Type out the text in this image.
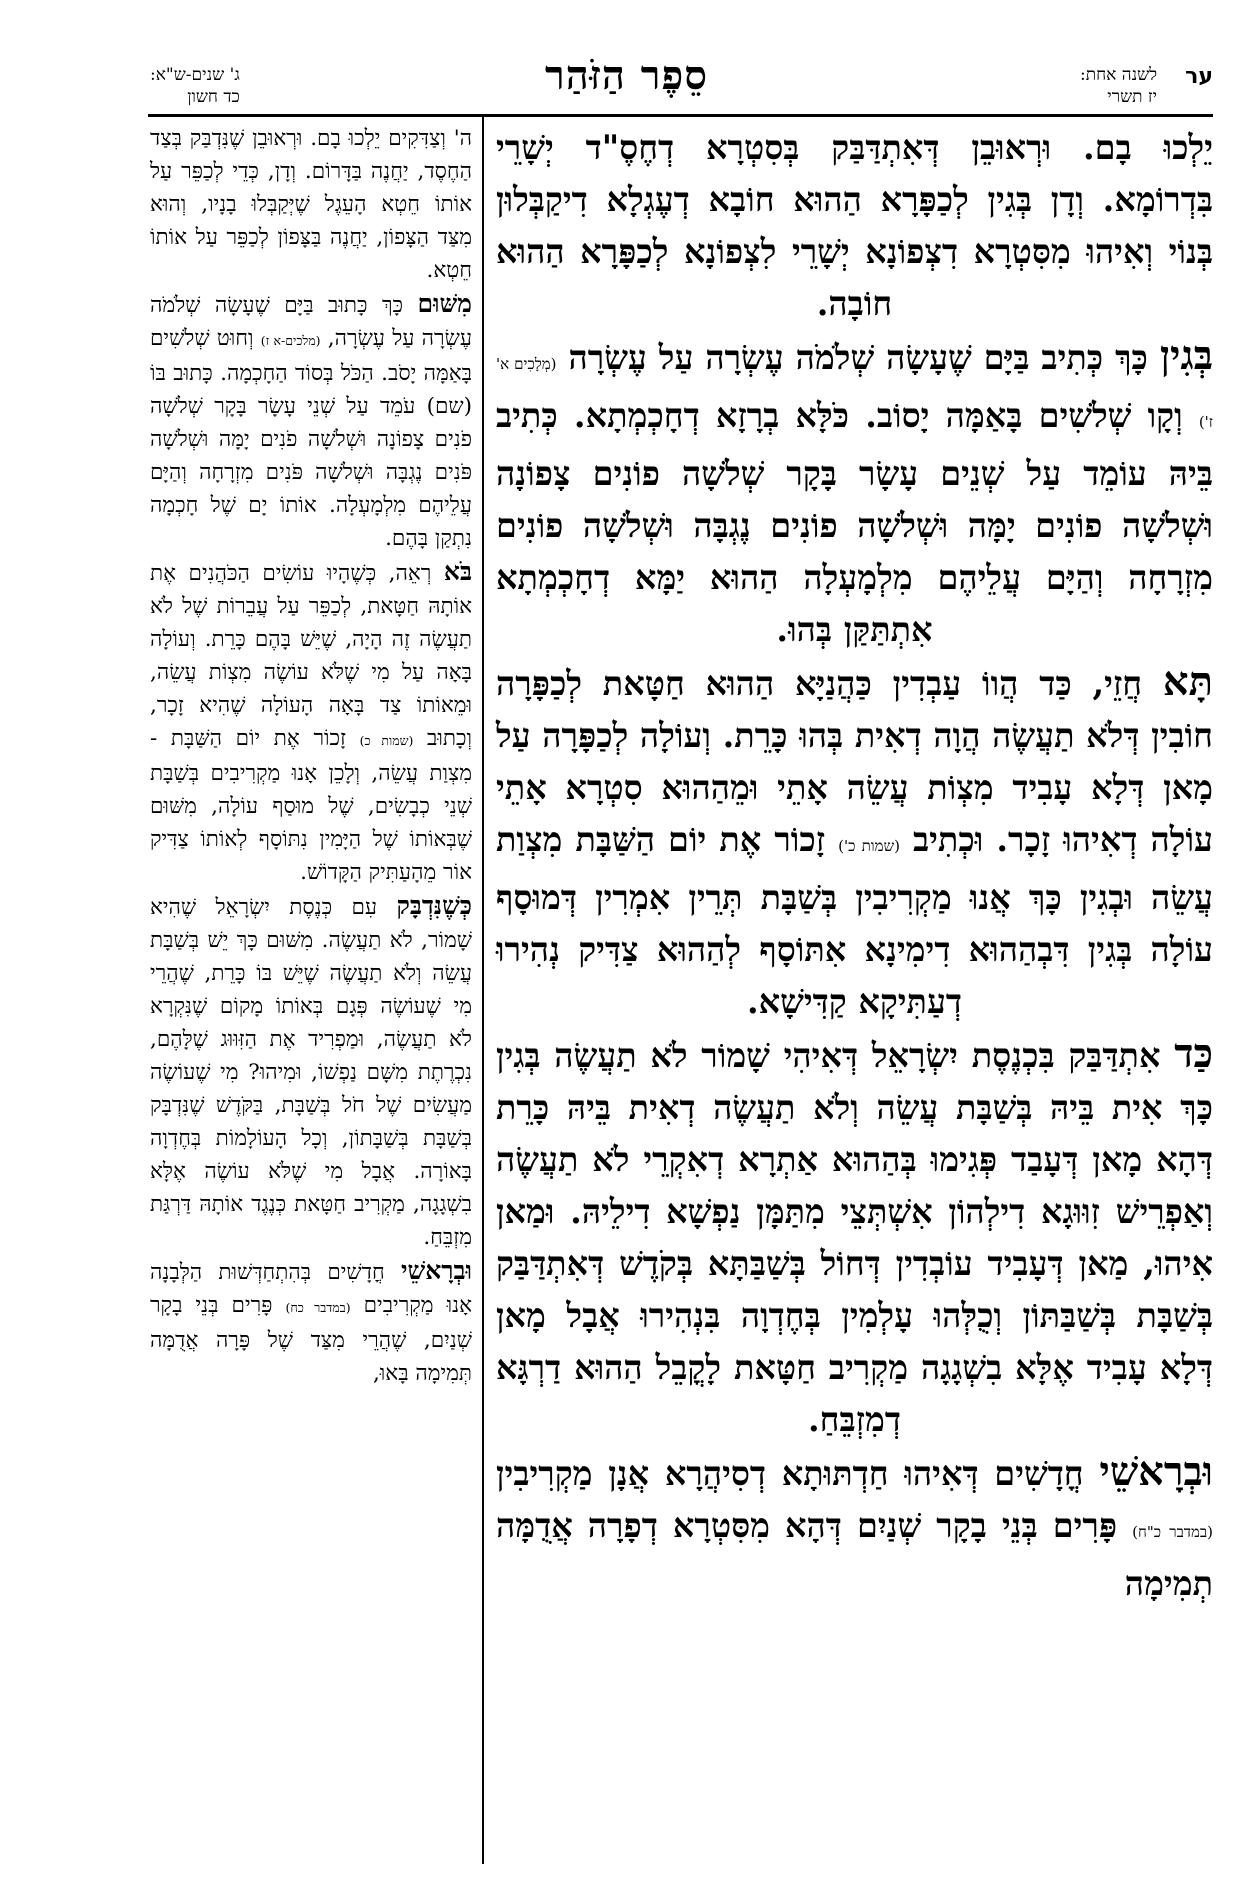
ער
לשנה אחת:
יז תשרי
סֵפֶר הַזֹּהַר
ג' שנים-ש"א:
כד חשון

יֵלְכוּ בָם. וּרְאוּבֵן דְּאִתְדַּבַּק בְּסִטְרָא דְחֶסֶ"ד יְשָׁרֵי בִּדְרוֹמָא. וְדָן בְּגִין לְכַפָּרָא הַהוּא חוֹבָא דְעֶגְלָא דִיקַבְּלוּן בְּנוֹי וְאִיהוּ מִסִּטְרָא דִצְפוֹנָא יְשָׁרֵי לִצְפוֹנָא לְכַפָּרָא הַהוּא חוֹבָה.

בְּגִין כָּךְ כְּתִיב בַּיָּם שֶׁעָשָׂה שְׁלֹמֹה עֶשְׂרָה עַל עֶשְׂרָה (מְלָכִים א' ז') וְקָו שְׁלֹשִׁים בָּאַמָּה יָסוֹב. כֹּלָּא בְרָזָא דְחָכְמְתָא. כְּתִיב בֵּיהּ עוֹמֵד עַל שְׁנֵים עָשָׂר בָּקָר שְׁלֹשָׁה פוֹנִים צָפוֹנָה וּשְׁלֹשָׁה פוֹנִים יָמָּה וּשְׁלֹשָׁה פוֹנִים נֶגְבָּה וּשְׁלֹשָׁה פוֹנִים מִזְרָחָה וְהַיָּם עֲלֵיהֶם מִלְמָעְלָה הַהוּא יַמָּא דְחָכְמְתָא אִתְתַּקַּן בְּהוּ.

תָּא חֲזֵי, כַּד הֲווֹ עַבְדִין כַּהֲנַיָּא הַהוּא חַטָּאת לְכַפָּרָה חוֹבִין דְּלֹא תַעֲשֶׂה הֲוָה דְאִית בְּהוּ כָּרֵת. וְעוֹלָה לְכַפָּרָה עַל מָאן דְּלָא עָבִיד מִצְוֹת עֲשֵׂה אָתֵי וּמֵהַהוּא סִטְרָא אָתֵי עוֹלָה דְאִיהוּ זָכָר. וּכְתִיב (שמות כ') זָכוֹר אֶת יוֹם הַשַּׁבָּת מִצְוַת עֲשֵׂה וּבְגִין כָּךְ אֲנוּ מַקְרִיבִין בְּשַׁבָּת תְּרֵין אִמְרִין דְּמוּסָף עוֹלָה בְּגִין דִּבְהַהוּא דִימִינָא אִתּוֹסָף לְהַהוּא צַדִּיק נְהִירוּ דְעַתִּיקָא קַדִּישָׁא.

כַּד אִתְדַּבַּק בִּכְנֶסֶת יִשְׂרָאֵל דְּאִיהִי שָׁמוֹר לֹא תַעֲשֶׂה בְּגִין כָּךְ אִית בֵּיהּ בְּשַׁבָּת עֲשֵׂה וְלֹא תַעֲשֶׂה דְאִית בֵּיהּ כָּרֵת דְּהָא מָאן דְּעָבַד פְּגִימוּ בְּהַהוּא אַתְרָא דְאִקְרֵי לֹא תַעֲשֶׂה וְאַפְרֵישׁ זִוּוּגָא דִילְהוֹן אִשְׁתְּצֵי מִתַּמָּן נַפְשָׁא דִילֵיהּ. וּמַאן אִיהוּ, מַאן דְּעָבִיד עוֹבְדִין דְּחוֹל בְּשַׁבַּתָּא בְּקֹדֶשׁ דְּאִתְדַּבַּק בְּשַׁבָּת בְּשַׁבַּתּוֹן וְכֻלְּהוּ עָלְמִין בְּחֶדְוָה בִּנְהִירוּ אֲבָל מָאן דְּלָא עָבִיד אֶלָּא בִשְׁגָגָה מַקְרִיב חַטָּאת לָקֳבֵל הַהוּא דַרְגָּא דְמִזְבֵּחַ.

וּבְרָאשֵׁי חֳדָשִׁים דְּאִיהוּ חַדְתּוּתָא דְסִיהֲרָא אֲנָן מַקְרִיבִין (במדבר כ"ח) פָּרִים בְּנֵי בָקָר שְׁנַיִם דְּהָא מִסִּטְרָא דְפָרָה אֲדֻמָּה תְמִימָה

ה' וְצַדִּקִים יֵלְכוּ בָם. וּרְאוּבֵן שֶׁנִּדְבַּק בְּצַד הַחֶסֶד, יַחֲנֶה בַּדָּרוֹם. וְדָן, כְּדֵי לְכַפֵּר עַל אוֹתוֹ חֵטְא הָעֵגֶל שֶׁיְּקַבְּלוּ בָנָיו, וְהוּא מִצַּד הַצָּפוֹן, יַחֲנֶה בַּצָּפוֹן לְכַפֵּר עַל אוֹתוֹ חֵטְא.

מִשּׁוּם כָּךְ כָּתוּב בַּיָּם שֶׁעָשָׂה שְׁלֹמֹה עֶשְׂרָה עַל עֶשְׂרָה, (מלכים-א ז) וְחוּט שְׁלֹשִׁים בָּאַמָּה יָסֹב. הַכֹּל בְּסוֹד הַחָכְמָה. כָּתוּב בּוֹ (שם) עֹמֵד עַל שְׁנֵי עָשָׂר בָּקָר שְׁלֹשָׁה פֹנִים צָפוֹנָה וּשְׁלֹשָׁה פֹנִים יָמָּה וּשְׁלֹשָׁה פֹּנִים נֶגְבָּה וּשְׁלֹשָׁה פֹּנִים מִזְרָחָה וְהַיָּם עֲלֵיהֶם מִלְמָעְלָה. אוֹתוֹ יָם שֶׁל חָכְמָה נִתְקַן בָּהֶם.

בֹּא רְאֵה, כְּשֶׁהָיוּ עוֹשִׂים הַכֹּהֲנִים אֶת אוֹתָהּ חַטָּאת, לְכַפֵּר עַל עֲבֵרוֹת שֶׁל לֹא תַעֲשֶׂה זֶה הָיָה, שֶׁיֵּשׁ בָּהֶם כָּרֵת. וְעוֹלָה בָּאָה עַל מִי שֶׁלֹּא עוֹשֶׂה מִצְוֹת עֲשֵׂה, וּמֵאוֹתוֹ צַד בָּאָה הָעוֹלָה שֶׁהִיא זָכָר, וְכָתוּב (שמות כ) זָכוֹר אֶת יוֹם הַשַּׁבָּת - מִצְוַת עֲשֵׂה, וְלָכֵן אָנוּ מַקְרִיבִים בְּשַׁבָּת שְׁנֵי כְבָשִׂים, שֶׁל מוּסַף עוֹלָה, מִשּׁוּם שֶׁבְּאוֹתוֹ שֶׁל הַיָּמִין נִתּוֹסָף לְאוֹתוֹ צַדִּיק אוֹר מֵהָעַתִּיק הַקָּדוֹשׁ.

כְּשֶׁנִּדְבָּק עִם כְּנֶסֶת יִשְׂרָאֵל שֶׁהִיא שָׁמוֹר, לֹא תַעֲשֶׂה. מִשּׁוּם כָּךְ יֵשׁ בְּשַׁבָּת עֲשֵׂה וְלֹא תַעֲשֶׂה שֶׁיֵּשׁ בּוֹ כָּרֵת, שֶׁהֲרֵי מִי שֶׁעוֹשֶׂה פְּגָם בְּאוֹתוֹ מָקוֹם שֶׁנִּקְרָא לֹא תַעֲשֶׂה, וּמַפְרִיד אֶת הַזִּוּוּג שֶׁלָּהֶם, נִכְרֶתֶת מִשָּׁם נַפְשׁוֹ, וּמִיהוּ? מִי שֶׁעוֹשֶׂה מַעֲשִׂים שֶׁל חֹל בְּשַׁבָּת, בַּקֹּדֶשׁ שֶׁנִּדְבָּק בְּשַׁבָּת בְּשַׁבָּתוֹן, וְכָל הָעוֹלָמוֹת בְּחֶדְוָה בָּאוֹרָה. אֲבָל מִי שֶׁלֹּא עוֹשֶׂה אֶלָּא בִשְׁגָגָה, מַקְרִיב חַטָּאת כְּנֶגֶד אוֹתָהּ דַּרְגַּת מִזְבֵּחַ.

וּבְרָאשֵׁי חֳדָשִׁים בְּהִתְחַדְּשׁוּת הַלְּבָנָה אָנוּ מַקְרִיבִים (במדבר כח) פָּרִים בְּנֵי בָקָר שְׁנַיִם, שֶׁהֲרֵי מִצַּד שֶׁל פָּרָה אֲדֻמָּה תְּמִימָה בָּאוּ,
